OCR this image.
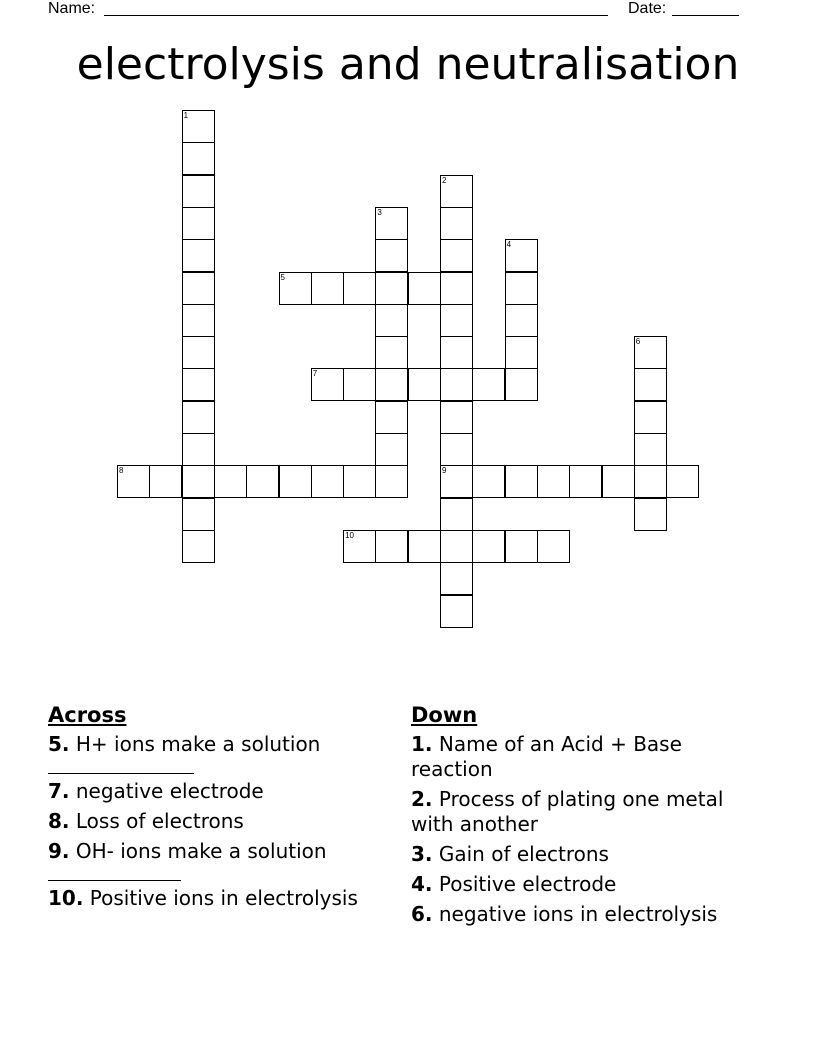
Name:	Date:
electrolysis and neutralisation
1
2
9
3
4
5
6
7
8
10
Across
5. H+ ions make a solution
7. negative electrode
8. Loss of electrons
9. OH- ions make a solution
10. Positive ions in electrolysis
Down
1. Name of an Acid + Base reaction
2. Process of plating one metal with another
3. Gain of electrons
4. Positive electrode
6. negative ions in electrolysis
